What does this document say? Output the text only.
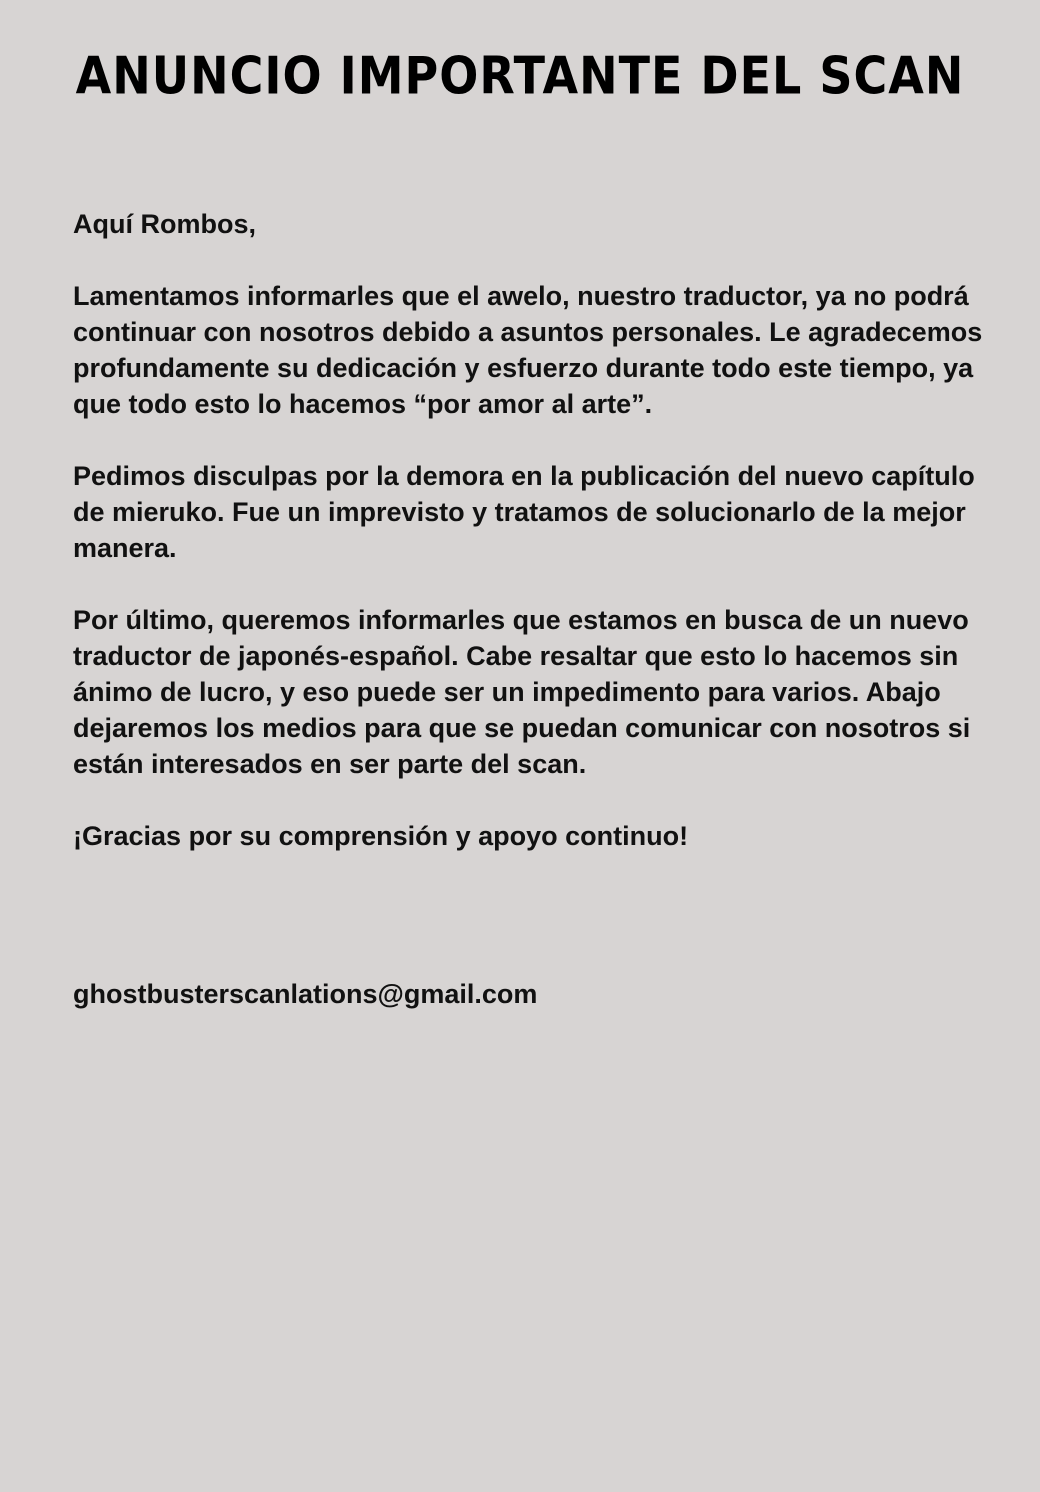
ANUNCIO IMPORTANTE DEL SCAN

Aquí Rombos,

Lamentamos informarles que el awelo, nuestro traductor, ya no podrá continuar con nosotros debido a asuntos personales. Le agradecemos profundamente su dedicación y esfuerzo durante todo este tiempo, ya que todo esto lo hacemos “por amor al arte”.

Pedimos disculpas por la demora en la publicación del nuevo capítulo de mieruko. Fue un imprevisto y tratamos de solucionarlo de la mejor manera.

Por último, queremos informarles que estamos en busca de un nuevo traductor de japonés-español. Cabe resaltar que esto lo hacemos sin ánimo de lucro, y eso puede ser un impedimento para varios. Abajo dejaremos los medios para que se puedan comunicar con nosotros si están interesados en ser parte del scan.

¡Gracias por su comprensión y apoyo continuo!

ghostbusterscanlations@gmail.com
